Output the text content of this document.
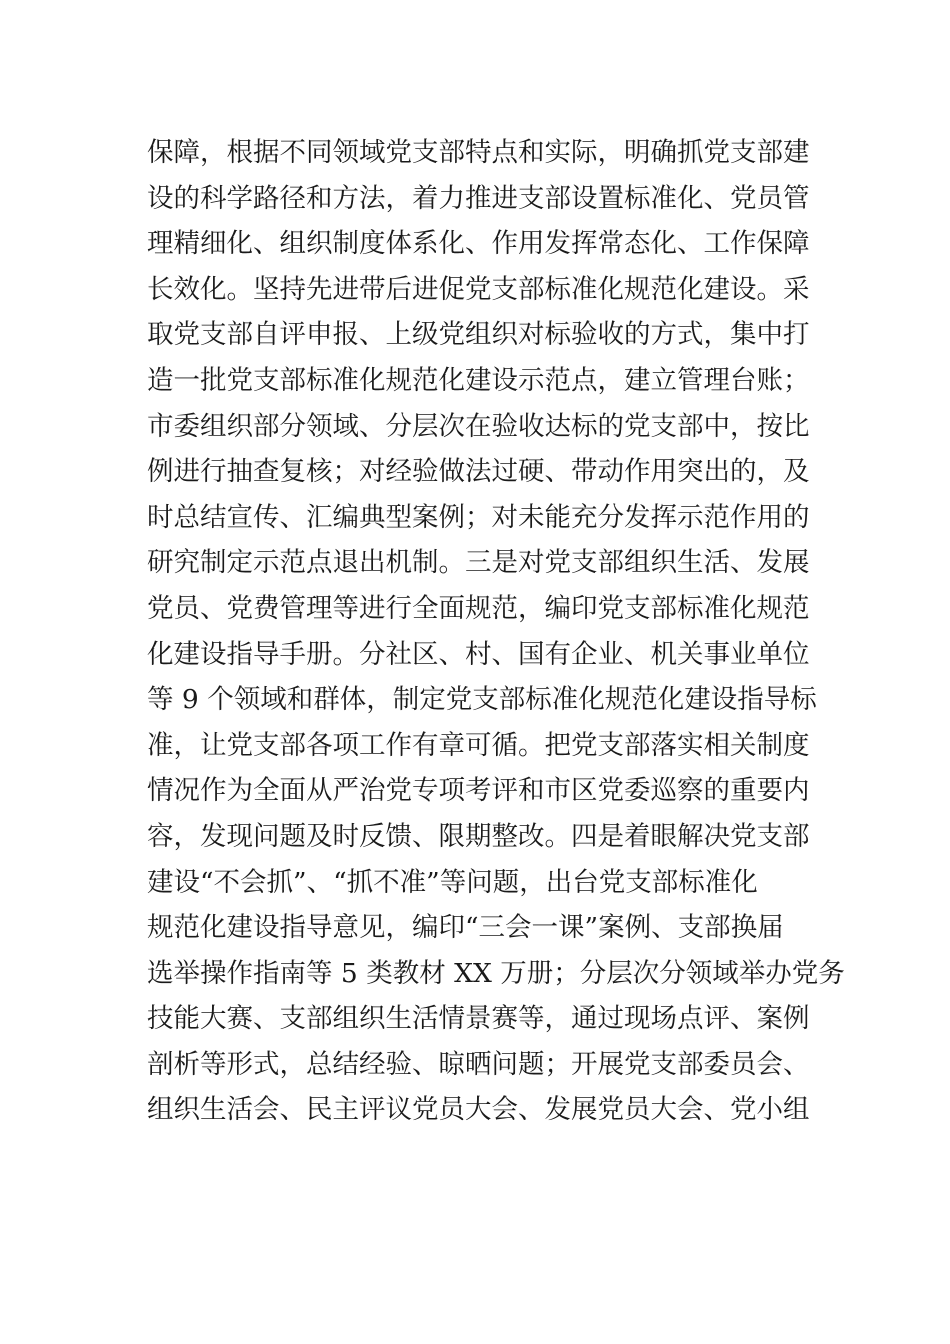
保障，根据不同领域党支部特点和实际，明确抓党支部建
设的科学路径和方法，着力推进支部设置标准化、党员管
理精细化、组织制度体系化、作用发挥常态化、工作保障
长效化。坚持先进带后进促党支部标准化规范化建设。采
取党支部自评申报、上级党组织对标验收的方式，集中打
造一批党支部标准化规范化建设示范点，建立管理台账；
市委组织部分领域、分层次在验收达标的党支部中，按比
例进行抽查复核；对经验做法过硬、带动作用突出的，及
时总结宣传、汇编典型案例；对未能充分发挥示范作用的
研究制定示范点退出机制。三是对党支部组织生活、发展
党员、党费管理等进行全面规范，编印党支部标准化规范
化建设指导手册。分社区、村、国有企业、机关事业单位
等 9 个领域和群体，制定党支部标准化规范化建设指导标
准，让党支部各项工作有章可循。把党支部落实相关制度
情况作为全面从严治党专项考评和市区党委巡察的重要内
容，发现问题及时反馈、限期整改。四是着眼解决党支部
建设“不会抓”、“抓不准”等问题，出台党支部标准化
规范化建设指导意见，编印“三会一课”案例、支部换届
选举操作指南等 5 类教材 XX 万册；分层次分领域举办党务
技能大赛、支部组织生活情景赛等，通过现场点评、案例
剖析等形式，总结经验、晾晒问题；开展党支部委员会、
组织生活会、民主评议党员大会、发展党员大会、党小组
